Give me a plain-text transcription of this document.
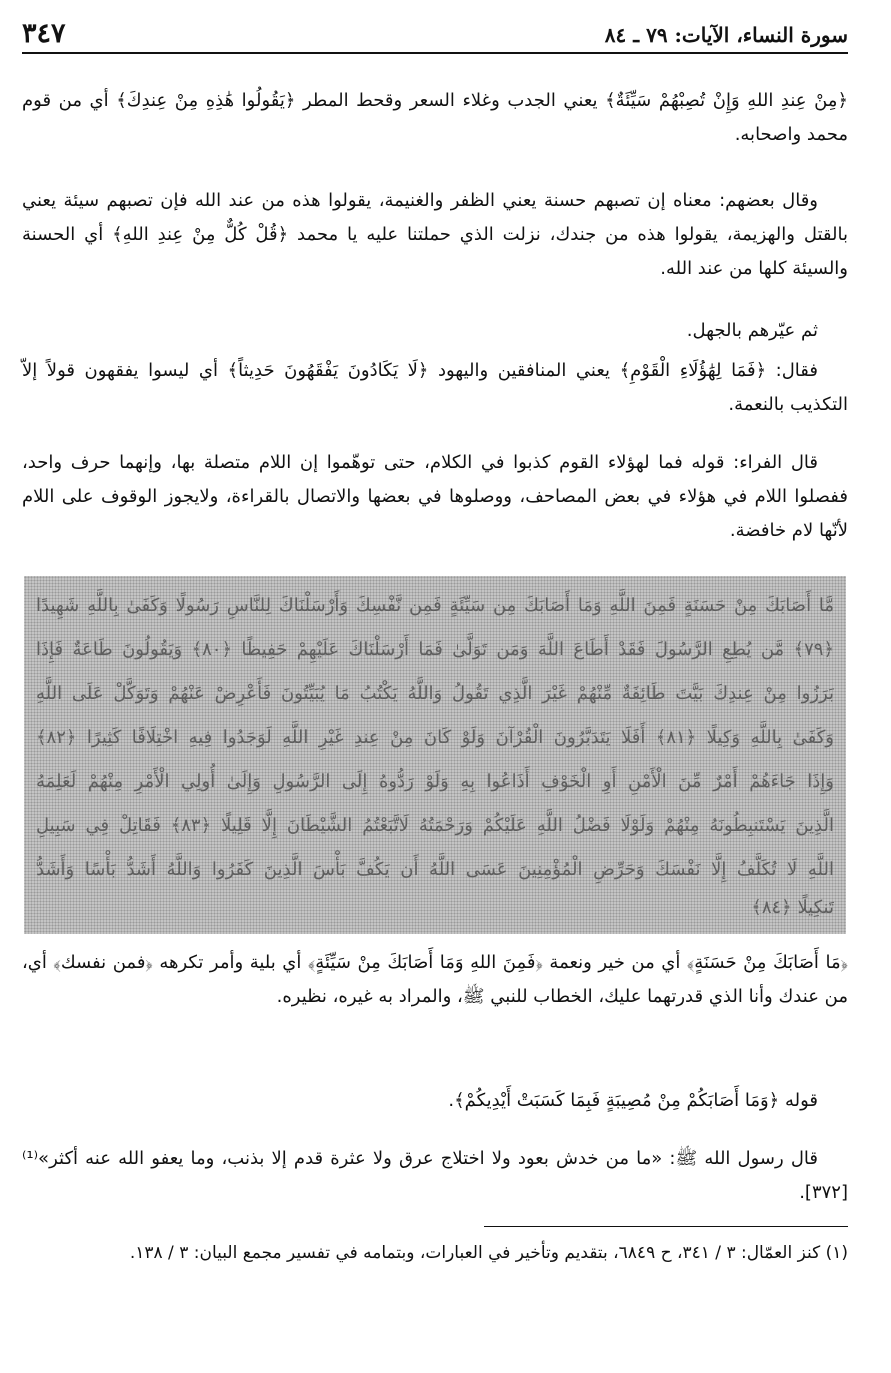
٣٤٧	سورة النساء، الآيات: ٧٩ ـ ٨٤

﴿مِنْ عِندِ اللهِ وَإِنْ تُصِبْهُمْ سَيِّئَةٌ﴾ يعني الجدب وغلاء السعر وقحط المطر ﴿يَقُولُوا هَٰذِهِ مِنْ عِندِكَ﴾ أي من قوم محمد واصحابه.

وقال بعضهم: معناه إن تصبهم حسنة يعني الظفر والغنيمة، يقولوا هذه من عند الله فإن تصبهم سيئة يعني بالقتل والهزيمة، يقولوا هذه من جندك، نزلت الذي حملتنا عليه يا محمد ﴿قُلْ كُلٌّ مِنْ عِندِ اللهِ﴾ أي الحسنة والسيئة كلها من عند الله.

ثم عيّرهم بالجهل.

فقال: ﴿فَمَا لِهَٰؤُلَاءِ الْقَوْمِ﴾ يعني المنافقين واليهود ﴿لَا يَكَادُونَ يَفْقَهُونَ حَدِيثاً﴾ أي ليسوا يفقهون قولاً إلاّ التكذيب بالنعمة.

قال الفراء: قوله فما لهؤلاء القوم كذبوا في الكلام، حتى توهّموا إن اللام متصلة بها، وإنهما حرف واحد، ففصلوا اللام في هؤلاء في بعض المصاحف، ووصلوها في بعضها والاتصال بالقراءة، ولايجوز الوقوف على اللام لأنّها لام خافضة.

مَّا أَصَابَكَ مِنْ حَسَنَةٍ فَمِنَ اللَّهِ وَمَا أَصَابَكَ مِن سَيِّئَةٍ فَمِن نَّفْسِكَ وَأَرْسَلْنَاكَ لِلنَّاسِ رَسُولًا وَكَفَىٰ بِاللَّهِ شَهِيدًا
﴿٧٩﴾ مَّن يُطِعِ الرَّسُولَ فَقَدْ أَطَاعَ اللَّهَ وَمَن تَوَلَّىٰ فَمَا أَرْسَلْنَاكَ عَلَيْهِمْ حَفِيظًا ﴿٨٠﴾ وَيَقُولُونَ طَاعَةٌ فَإِذَا
بَرَزُوا مِنْ عِندِكَ بَيَّتَ طَائِفَةٌ مِّنْهُمْ غَيْرَ الَّذِي تَقُولُ وَاللَّهُ يَكْتُبُ مَا يُبَيِّتُونَ فَأَعْرِضْ عَنْهُمْ وَتَوَكَّلْ عَلَى اللَّهِ
وَكَفَىٰ بِاللَّهِ وَكِيلًا ﴿٨١﴾ أَفَلَا يَتَدَبَّرُونَ الْقُرْآنَ وَلَوْ كَانَ مِنْ عِندِ غَيْرِ اللَّهِ لَوَجَدُوا فِيهِ اخْتِلَافًا كَثِيرًا ﴿٨٢﴾
وَإِذَا جَاءَهُمْ أَمْرٌ مِّنَ الْأَمْنِ أَوِ الْخَوْفِ أَذَاعُوا بِهِ وَلَوْ رَدُّوهُ إِلَى الرَّسُولِ وَإِلَىٰ أُولِي الْأَمْرِ مِنْهُمْ لَعَلِمَهُ
الَّذِينَ يَسْتَنبِطُونَهُ مِنْهُمْ وَلَوْلَا فَضْلُ اللَّهِ عَلَيْكُمْ وَرَحْمَتُهُ لَاتَّبَعْتُمُ الشَّيْطَانَ إِلَّا قَلِيلًا ﴿٨٣﴾ فَقَاتِلْ فِي سَبِيلِ
اللَّهِ لَا تُكَلَّفُ إِلَّا نَفْسَكَ وَحَرِّضِ الْمُؤْمِنِينَ عَسَى اللَّهُ أَن يَكُفَّ بَأْسَ الَّذِينَ كَفَرُوا وَاللَّهُ أَشَدُّ بَأْسًا وَأَشَدُّ
تَنكِيلًا ﴿٨٤﴾

﴿مَا أَصَابَكَ مِنْ حَسَنَةٍ﴾ أي من خير ونعمة ﴿فَمِنَ اللهِ وَمَا أَصَابَكَ مِنْ سَيِّئَةٍ﴾ أي بلية وأمر تكرهه ﴿فمن نفسك﴾ أي، من عندك وأنا الذي قدرتهما عليك، الخطاب للنبي ﷺ، والمراد به غيره، نظيره.

قوله ﴿وَمَا أَصَابَكُمْ مِنْ مُصِيبَةٍ فَبِمَا كَسَبَتْ أَيْدِيكُمْ﴾.

قال رسول الله ﷺ: «ما من خدش بعود ولا اختلاج عرق ولا عثرة قدم إلا بذنب، وما يعفو الله عنه أكثر»⁽¹⁾ [٣٧٢].

(١) كنز العمّال: ٣ / ٣٤١، ح ٦٨٤٩، بتقديم وتأخير في العبارات، وبتمامه في تفسير مجمع البيان: ٣ / ١٣٨.
